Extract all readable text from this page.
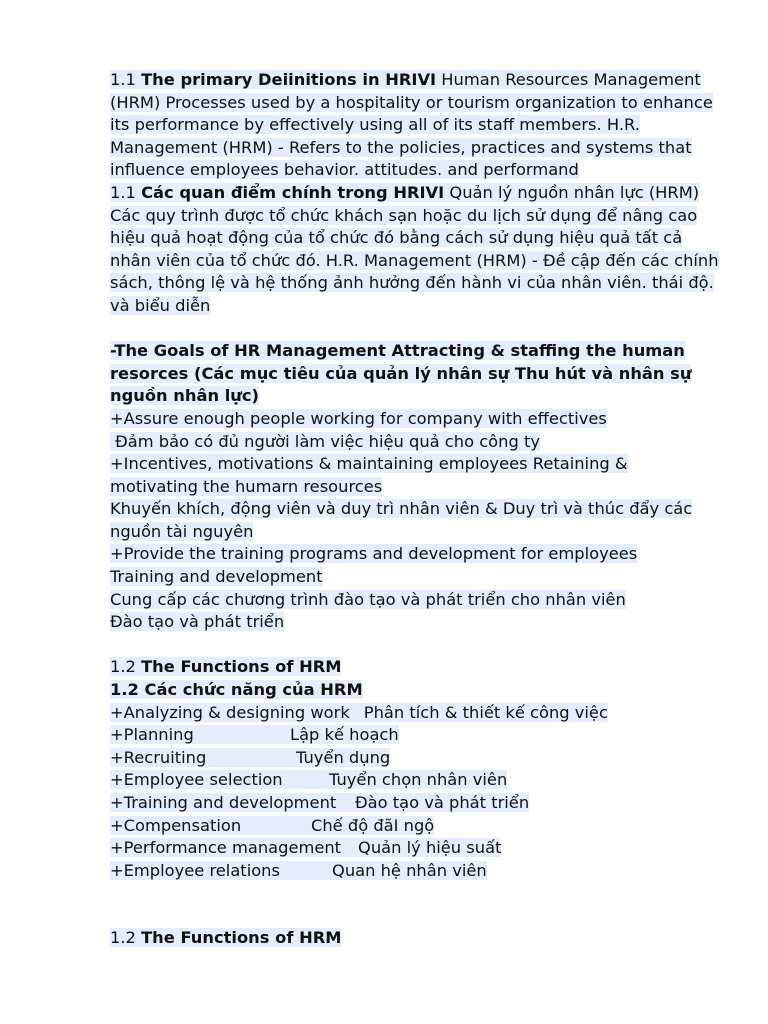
1.1 The primary Deiinitions in HRIVI Human Resources Management (HRM) Processes used by a hospitality or tourism organization to enhance its performance by effectively using all of its staff members. H.R. Management (HRM) - Refers to the policies, practices and systems that influence employees behavior. attitudes. and performand

1.1 Các quan điểm chính trong HRIVI Quản lý nguồn nhân lực (HRM) Các quy trình được tổ chức khách sạn hoặc du lịch sử dụng để nâng cao hiệu quả hoạt động của tổ chức đó bằng cách sử dụng hiệu quả tất cả nhân viên của tổ chức đó. H.R. Management (HRM) - Đề cập đến các chính sách, thông lệ và hệ thống ảnh hưởng đến hành vi của nhân viên. thái độ. và biểu diễn

-The Goals of HR Management Attracting & staffing the human resorces (Các mục tiêu của quản lý nhân sự Thu hút và nhân sự nguồn nhân lực)

+Assure enough people working for company with effectives

Đảm bảo có đủ người làm việc hiệu quả cho công ty

+Incentives, motivations & maintaining employees Retaining & motivating the humarn resources

Khuyến khích, động viên và duy trì nhân viên & Duy trì và thúc đẩy các nguồn tài nguyên

+Provide the training programs and development for employees

Training and development

Cung cấp các chương trình đào tạo và phát triển cho nhân viên

Đào tạo và phát triển

1.2 The Functions of HRM

1.2 Các chức năng của HRM

+Analyzing & designing work Phân tích & thiết kế công việc

+Planning	Lập kế hoạch

+Recruiting	Tuyển dụng

+Employee selection	Tuyển chọn nhân viên

+Training and development Đào tạo và phát triển

+Compensation	Chế độ đãI ngộ

+Performance management Quản lý hiệu suất

+Employee relations	Quan hệ nhân viên

1.2 The Functions of HRM
